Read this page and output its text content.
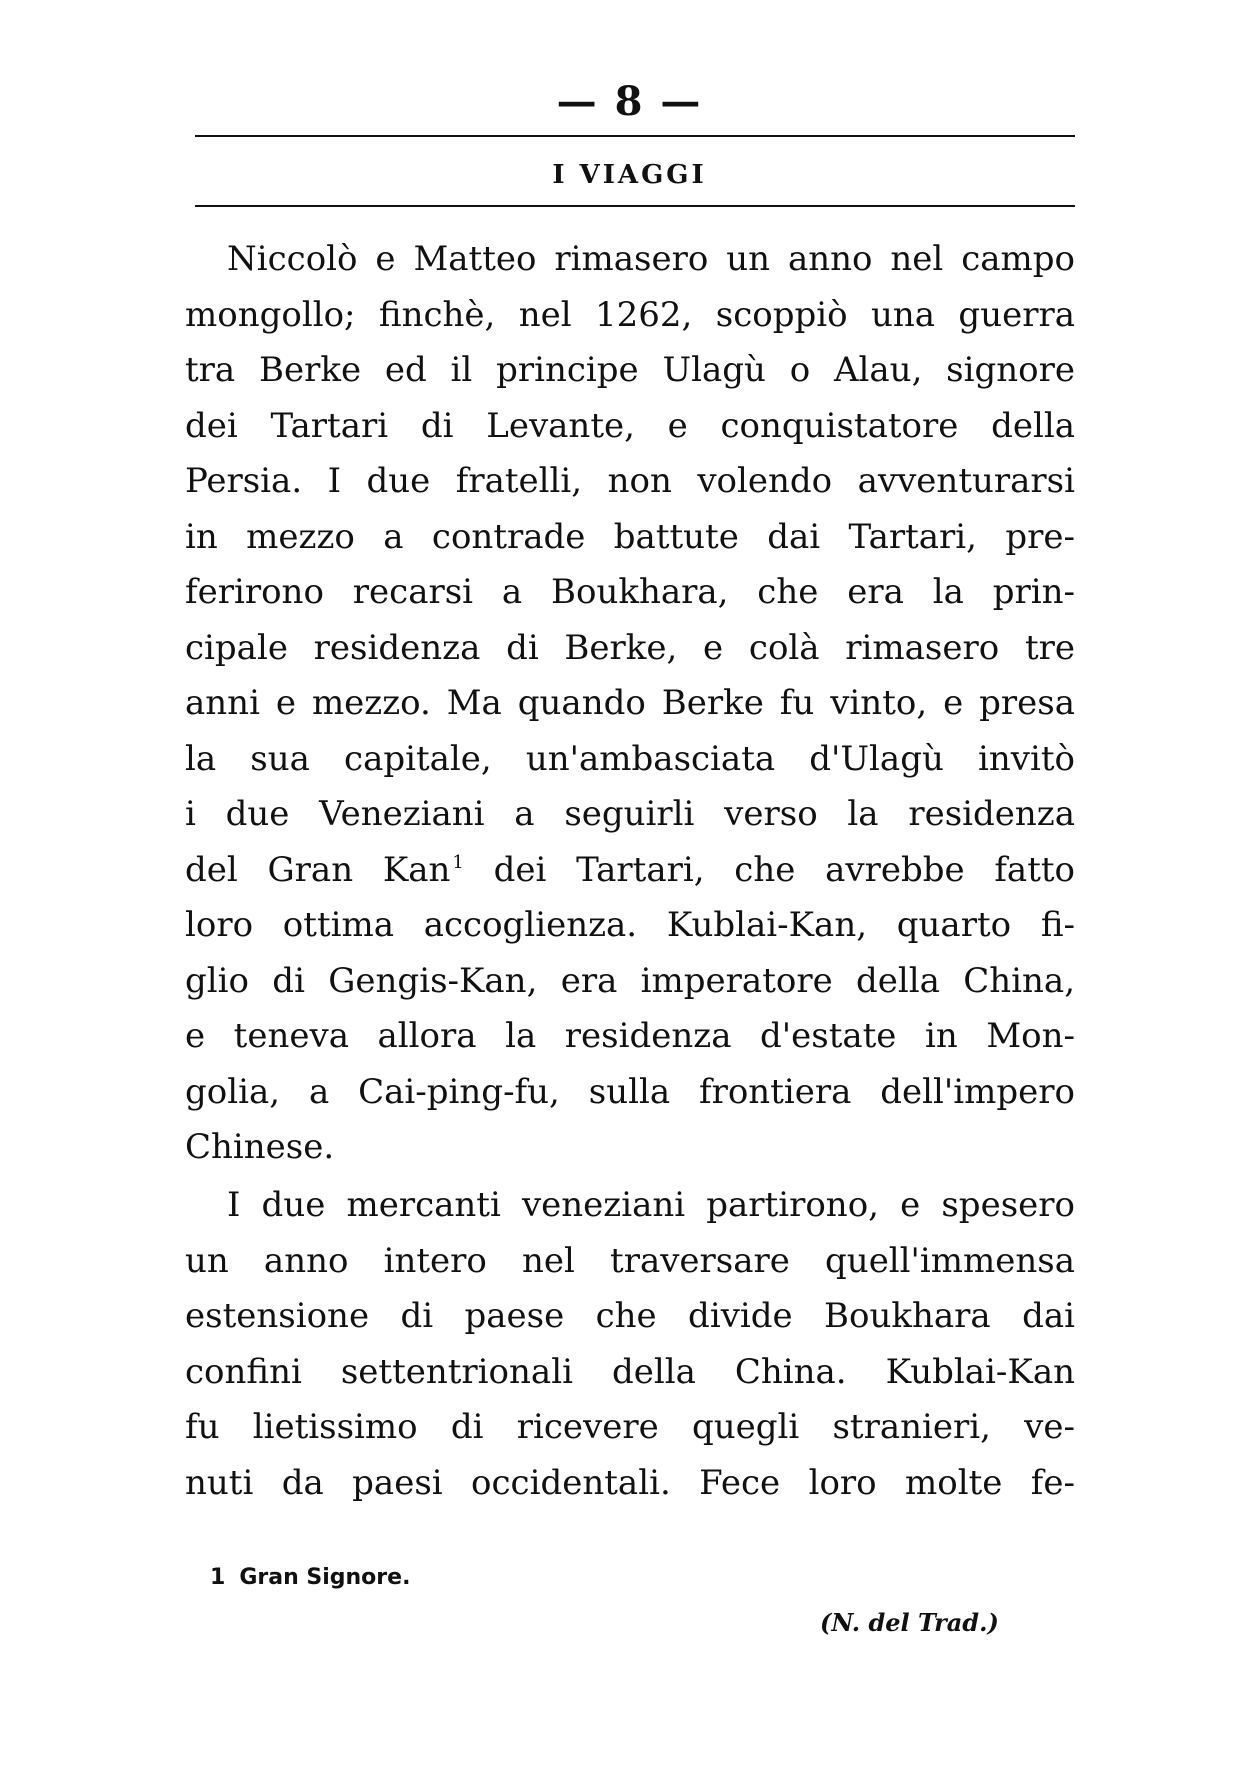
— 8 —
I VIAGGI
Niccolò e Matteo rimasero un anno nel campo
mongollo; finchè, nel 1262, scoppiò una guerra
tra Berke ed il principe Ulagù o Alau, signore
dei Tartari di Levante, e conquistatore della
Persia. I due fratelli, non volendo avventurarsi
in mezzo a contrade battute dai Tartari, pre-
ferirono recarsi a Boukhara, che era la prin-
cipale residenza di Berke, e colà rimasero tre
anni e mezzo. Ma quando Berke fu vinto, e presa
la sua capitale, un'ambasciata d'Ulagù invitò
i due Veneziani a seguirli verso la residenza
del Gran Kan $^1$ dei Tartari, che avrebbe fatto
loro ottima accoglienza. Kublai-Kan, quarto fi-
glio di Gengis-Kan, era imperatore della China,
e teneva allora la residenza d'estate in Mon-
golia, a Cai-ping-fu, sulla frontiera dell'impero
Chinese.
I due mercanti veneziani partirono, e spesero
un anno intero nel traversare quell'immensa
estensione di paese che divide Boukhara dai
confini settentrionali della China. Kublai-Kan
fu lietissimo di ricevere quegli stranieri, ve-
nuti da paesi occidentali. Fece loro molte fe-
1 Gran Signore.
(N. del Trad.)
